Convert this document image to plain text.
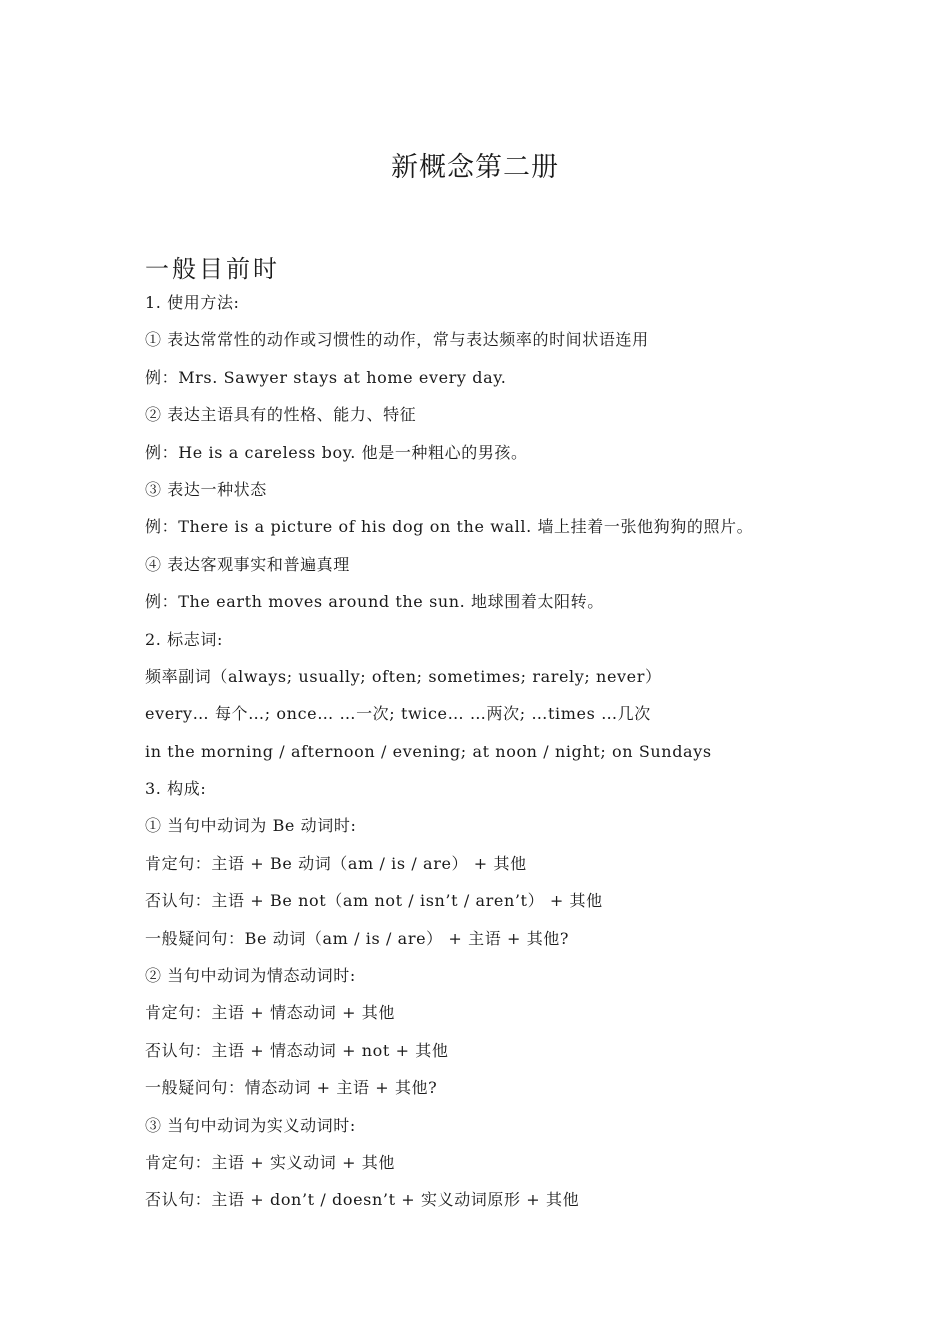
新概念第二册
一般目前时
1. 使用方法:
① 表达常常性的动作或习惯性的动作，常与表达频率的时间状语连用
例：Mrs. Sawyer stays at home every day.
② 表达主语具有的性格、能力、特征
例：He is a careless boy. 他是一种粗心的男孩。
③ 表达一种状态
例：There is a picture of his dog on the wall. 墙上挂着一张他狗狗的照片。
④ 表达客观事实和普遍真理
例：The earth moves around the sun. 地球围着太阳转。
2. 标志词:
频率副词（always; usually; often; sometimes; rarely; never）
every… 每个…; once… …一次; twice… …两次; …times …几次
in the morning / afternoon / evening; at noon / night; on Sundays
3. 构成:
① 当句中动词为 Be 动词时:
肯定句：主语 + Be 动词（am / is / are） + 其他
否认句：主语 + Be not（am not / isn’t / aren’t） + 其他
一般疑问句：Be 动词（am / is / are） + 主语 + 其他?
② 当句中动词为情态动词时:
肯定句：主语 + 情态动词 + 其他
否认句：主语 + 情态动词 + not + 其他
一般疑问句：情态动词 + 主语 + 其他?
③ 当句中动词为实义动词时:
肯定句：主语 + 实义动词 + 其他
否认句：主语 + don’t / doesn’t + 实义动词原形 + 其他
